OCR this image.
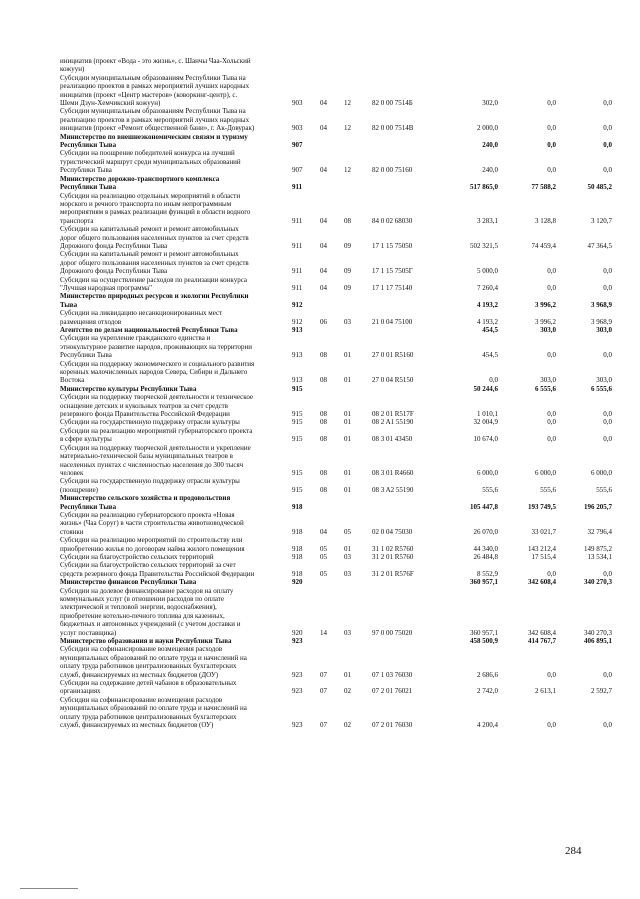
инициатив (проект «Вода - это жизнь», с. Шанчы Чаа-Хольский
кожуун)
Субсидии муниципальным образованиям Республики Тыва на
реализацию проектов в рамках мероприятий лучших народных
инициатив (проект «Центр мастеров» (коворкинг-центр), с.
Шеми Дзун-Хемчикский кожуун)	903	04	12	82 0 00 7514Б	302,0	0,0	0,0
Субсидии муниципальным образованиям Республики Тыва на
реализацию проектов в рамках мероприятий лучших народных
инициатив (проект «Ремонт общественной бани», г. Ак-Довурак)	903	04	12	82 0 00 7514В	2 000,0	0,0	0,0
Министерство по внешнеэкономическим связям и туризму
Республики Тыва	907	240,0	0,0	0,0
Субсидии на поощрение победителей конкурса на лучший
туристический маршрут среди муниципальных образований
Республики Тыва	907	04	12	82 0 00 75160	240,0	0,0	0,0
Министерство дорожно-транспортного комплекса
Республики Тыва	911	517 865,0	77 588,2	50 485,2
Субсидии на реализацию отдельных мероприятий в области
морского и речного транспорта по иным непрограммным
мероприятиям в рамках реализации функций в области водного
транспорта	911	04	08	84 0 02 68030	3 283,1	3 128,8	3 120,7
Субсидии на капитальный ремонт и ремонт автомобильных
дорог общего пользования населенных пунктов за счет средств
Дорожного фонда Республики Тыва	911	04	09	17 1 15 75050	502 321,5	74 459,4	47 364,5
Субсидии на капитальный ремонт и ремонт автомобильных
дорог общего пользования населенных пунктов за счет средств
Дорожного фонда Республики Тыва	911	04	09	17 1 15 7505Г	5 000,0	0,0	0,0
Субсидии на осуществление расходов по реализации конкурса
"Лучшая народная программа"	911	04	09	17 1 17 75140	7 260,4	0,0	0,0
Министерство природных ресурсов и экологии Республики
Тыва	912	4 193,2	3 996,2	3 968,9
Субсидии на ликвидацию несанкционированных мест
размещения отходов	912	06	03	21 0 04 75100	4 193,2	3 996,2	3 968,9
Агентство по делам национальностей Республики Тыва	913	454,5	303,0	303,0
Субсидии на укрепление гражданского единства и
этнокультурное развитие народов, проживающих на территории
Республики Тыва	913	08	01	27 0 01 R5160	454,5	0,0	0,0
Субсидии на поддержку экономического и социального развития
коренных малочисленных народов Севера, Сибири и Дальнего
Востока	913	08	01	27 0 04 R5150	0,0	303,0	303,0
Министерство культуры Республики Тыва	915	50 244,6	6 555,6	6 555,6
Субсидии на поддержку творческой деятельности и техническое
оснащение детских и кукольных театров за счет средств
резервного фонда Правительства Российской Федерации	915	08	01	08 2 01 R517F	1 010,1	0,0	0,0
Субсидии на государственную поддержку отрасли культуры	915	08	01	08 2 A1 55190	32 004,9	0,0	0,0
Субсидии на реализацию мероприятий губернаторского проекта
в сфере культуры	915	08	01	08 3 01 43450	10 674,0	0,0	0,0
Субсидии на поддержку творческой деятельности и укрепление
материально-технической базы муниципальных театров в
населенных пунктах с численностью населения до 300 тысяч
человек	915	08	01	08 3 01 R4660	6 000,0	6 000,0	6 000,0
Субсидии на государственную поддержку отрасли культуры
(поощрение)	915	08	01	08 3 A2 55190	555,6	555,6	555,6
Министерство сельского хозяйства и продовольствия
Республики Тыва	918	105 447,8	193 749,5	196 205,7
Субсидии на реализацию губернаторского проекта «Новая
жизнь» (Чаа Соруг) в части строительства животноводческой
стоянки	918	04	05	02 0 04 75030	26 070,0	33 021,7	32 796,4
Субсидии на реализацию мероприятий по строительству или
приобретению жилья по договорам найма жилого помещения	918	05	01	31 1 02 R5760	44 340,0	143 212,4	149 875,2
Субсидии на благоустройство сельских территорий	918	05	03	31 2 01 R5760	26 484,8	17 515,4	13 534,1
Субсидии на благоустройство сельских территорий за счет
средств резервного фонда Правительства Российской Федерации	918	05	03	31 2 01 R576F	8 552,9	0,0	0,0
Министерство финансов Республики Тыва	920	360 957,1	342 608,4	340 270,3
Субсидии на долевое финансирование расходов на оплату
коммунальных услуг (в отношении расходов по оплате
электрической и тепловой энергии, водоснабжения),
приобретение котельно-печного топлива для казенных,
бюджетных и автономных учреждений (с учетом доставки и
услуг поставщика)	920	14	03	97 0 00 75020	360 957,1	342 608,4	340 270,3
Министерство образования и науки Республики Тыва	923	458 500,9	414 767,7	406 895,1
Субсидии на софинансирование возмещения расходов
муниципальных образований по оплате труда и начислений на
оплату труда работников централизованных бухгалтерских
служб, финансируемых из местных бюджетов (ДОУ)	923	07	01	07 1 03 76030	2 686,6	0,0	0,0
Субсидии на содержание детей чабанов в образовательных
организациях	923	07	02	07 2 01 76021	2 742,0	2 613,1	2 592,7
Субсидии на софинансирование возмещения расходов
муниципальных образований по оплате труда и начислений на
оплату труда работников централизованных бухгалтерских
служб, финансируемых из местных бюджетов (ОУ)	923	07	02	07 2 01 76030	4 200,4	0,0	0,0
284
